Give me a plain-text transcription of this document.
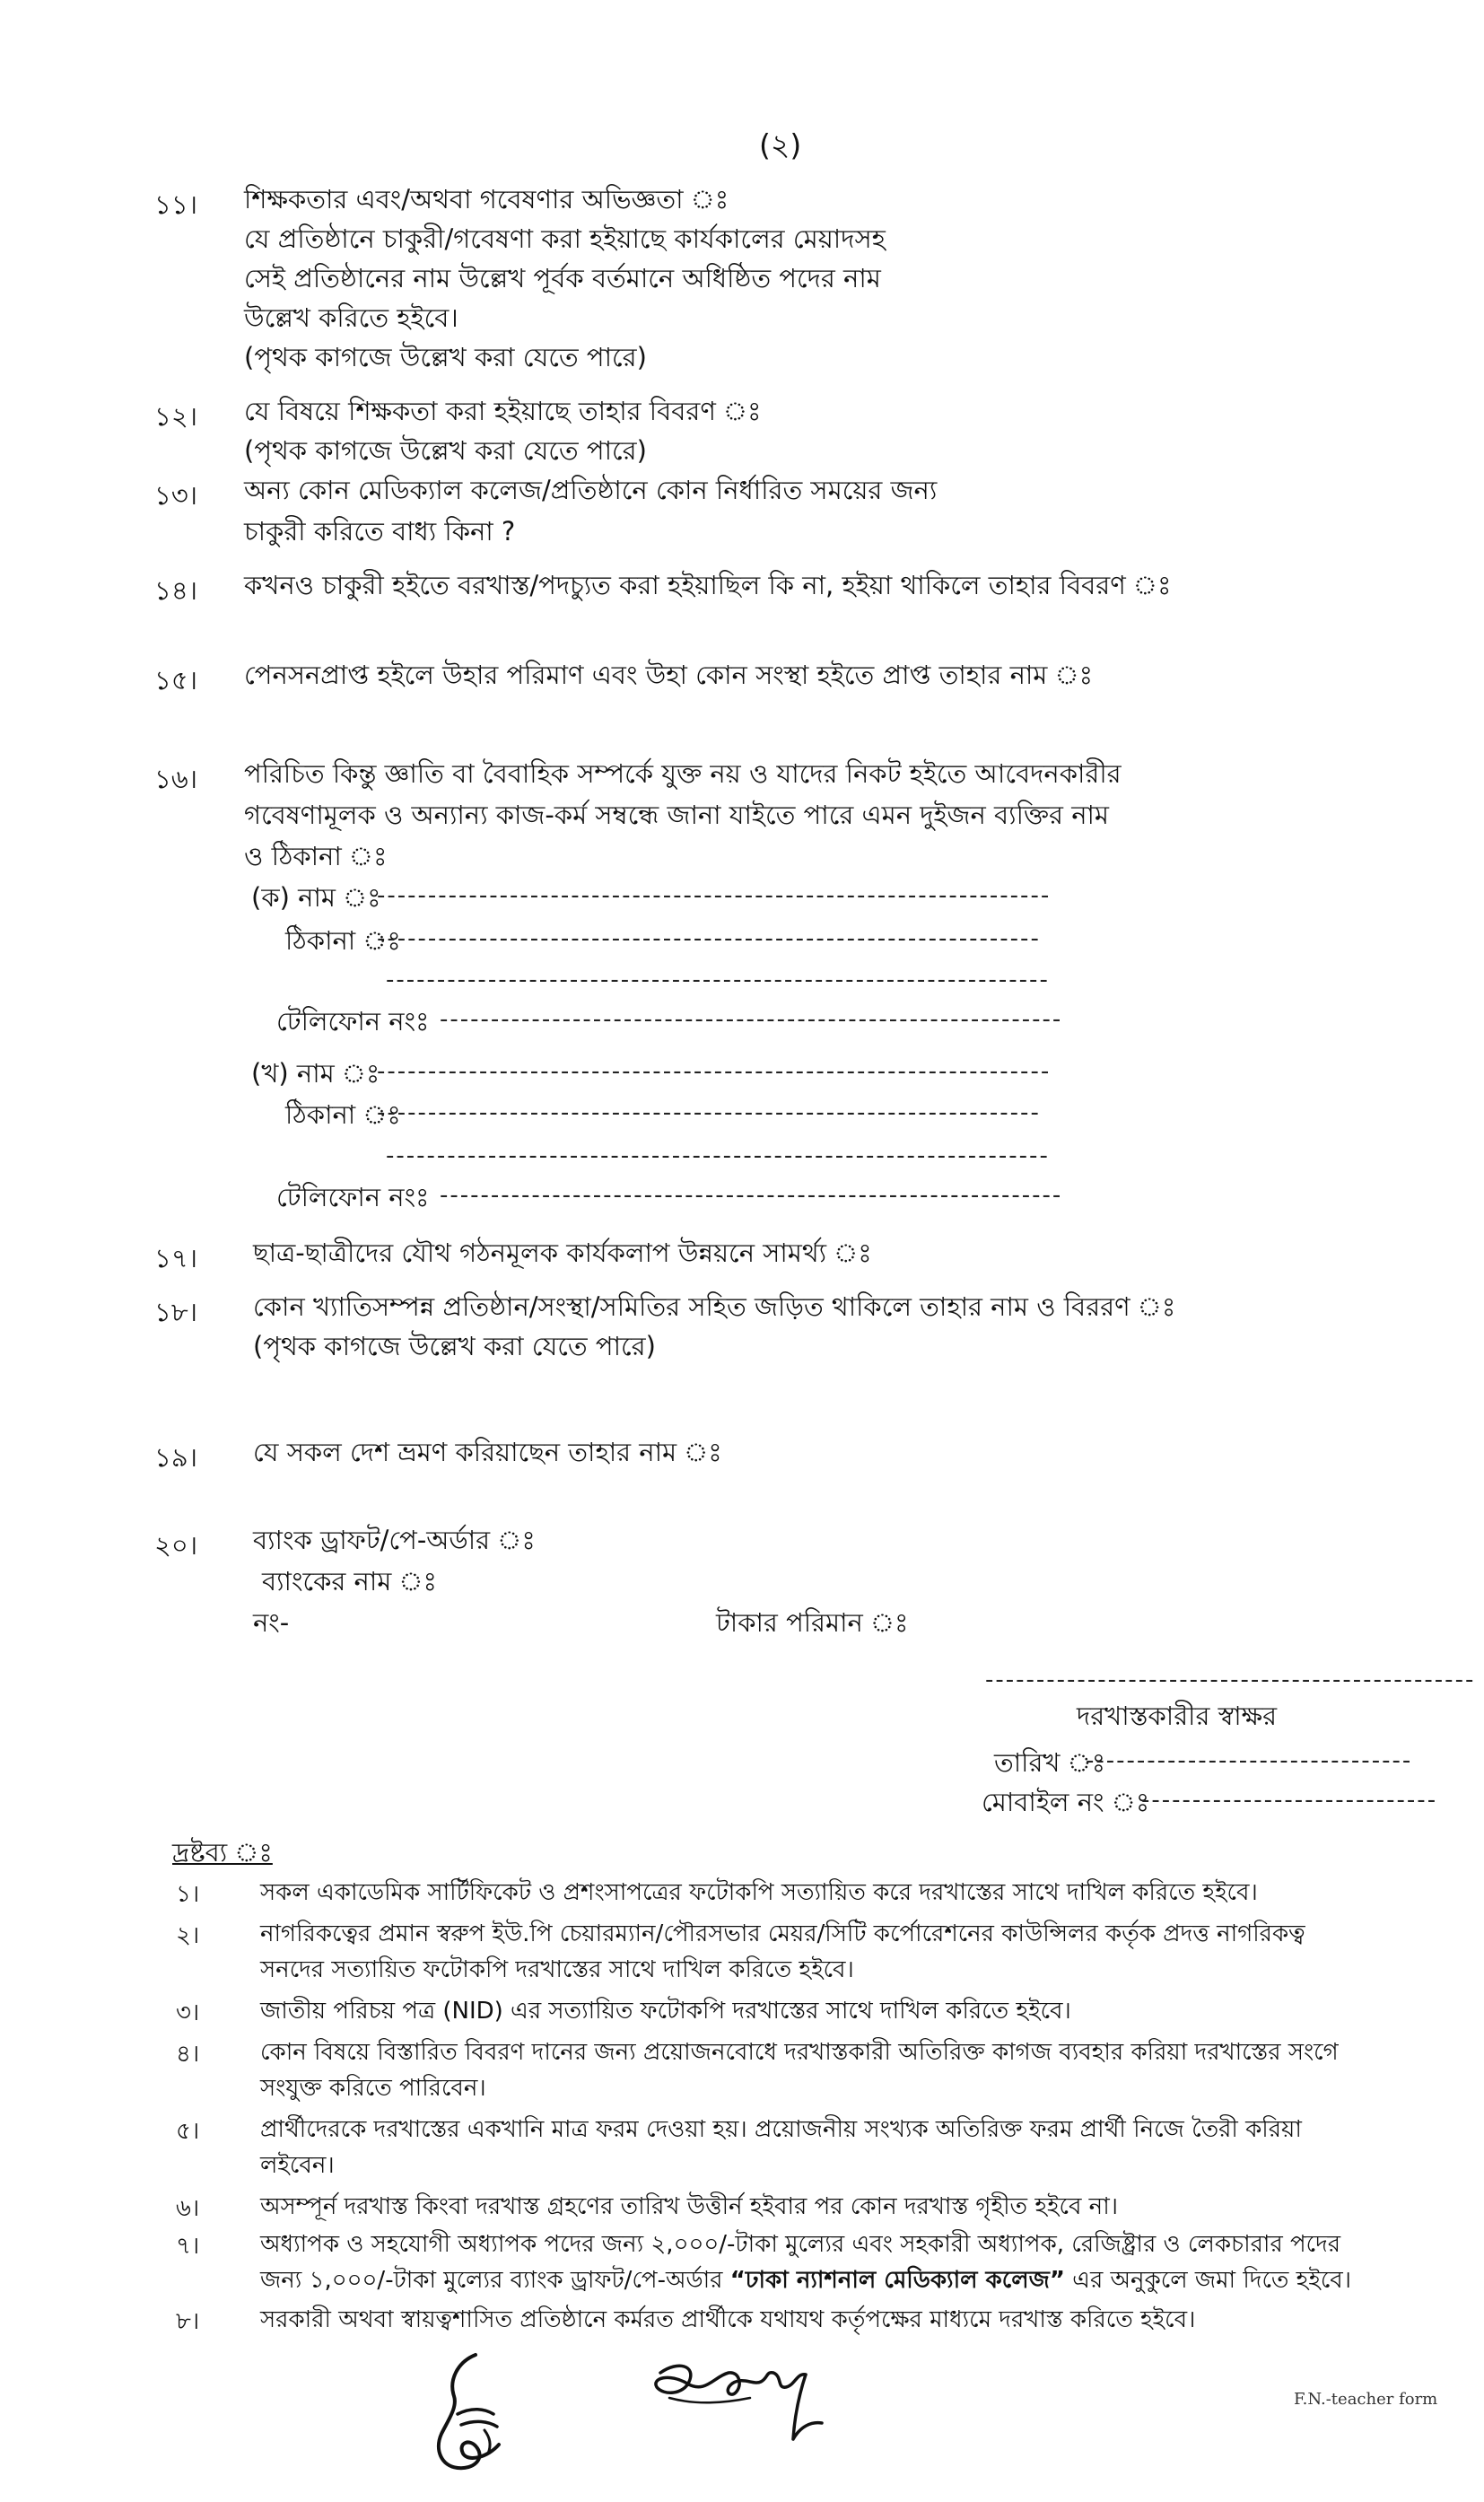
(২)
১১।	শিক্ষকতার এবং/অথবা গবেষণার অভিজ্ঞতা ঃ
যে প্রতিষ্ঠানে চাকুরী/গবেষণা করা হইয়াছে কার্যকালের মেয়াদসহ
সেই প্রতিষ্ঠানের নাম উল্লেখ পূর্বক বর্তমানে অধিষ্ঠিত পদের নাম
উল্লেখ করিতে হইবে।
(পৃথক কাগজে উল্লেখ করা যেতে পারে)
১২।	যে বিষয়ে শিক্ষকতা করা হইয়াছে তাহার বিবরণ ঃ
(পৃথক কাগজে উল্লেখ করা যেতে পারে)
১৩।	অন্য কোন মেডিক্যাল কলেজ/প্রতিষ্ঠানে কোন নির্ধারিত সময়ের জন্য
চাকুরী করিতে বাধ্য কিনা ?
১৪।	কখনও চাকুরী হইতে বরখাস্ত/পদচ্যুত করা হইয়াছিল কি না, হইয়া থাকিলে তাহার বিবরণ ঃ
১৫।	পেনসনপ্রাপ্ত হইলে উহার পরিমাণ এবং উহা কোন সংস্থা হইতে প্রাপ্ত তাহার নাম ঃ
১৬।	পরিচিত কিন্তু জ্ঞাতি বা বৈবাহিক সম্পর্কে যুক্ত নয় ও যাদের নিকট হইতে আবেদনকারীর
গবেষণামূলক ও অন্যান্য কাজ-কর্ম সম্বন্ধে জানা যাইতে পারে এমন দুইজন ব্যক্তির নাম
ও ঠিকানা ঃ
(ক) নাম ঃ
------------------------------------------------------------------
ঠিকানা ঃ
-----------------------------------------------------------------
-----------------------------------------------------------------
টেলিফোন নংঃ -------------------------------------------------------------
(খ) নাম ঃ
------------------------------------------------------------------
ঠিকানা ঃ
-----------------------------------------------------------------
-----------------------------------------------------------------
টেলিফোন নংঃ -------------------------------------------------------------
১৭।	ছাত্র-ছাত্রীদের যৌথ গঠনমূলক কার্যকলাপ উন্নয়নে সামর্থ্য ঃ
১৮।	কোন খ্যাতিসম্পন্ন প্রতিষ্ঠান/সংস্থা/সমিতির সহিত জড়িত থাকিলে তাহার নাম ও বিররণ ঃ
(পৃথক কাগজে উল্লেখ করা যেতে পারে)
১৯।	যে সকল দেশ ভ্রমণ করিয়াছেন তাহার নাম ঃ
২০।	ব্যাংক ড্রাফট/পে-অর্ডার ঃ
ব্যাংকের নাম ঃ
নং-	টাকার পরিমান ঃ
------------------------------------------------
দরখাস্তকারীর স্বাক্ষর
তারিখ ঃ
--------------------------------
মোবাইল নং ঃ
-----------------------------
দ্রষ্টব্য ঃ
১।	সকল একাডেমিক সার্টিফিকেট ও প্রশংসাপত্রের ফটোকপি সত্যায়িত করে দরখাস্তের সাথে দাখিল করিতে হইবে।
২।	নাগরিকত্বের প্রমান স্বরুপ ইউ.পি চেয়ারম্যান/পৌরসভার মেয়র/সিটি কর্পোরেশনের কাউন্সিলর কর্তৃক প্রদত্ত নাগরিকত্ব
সনদের সত্যায়িত ফটোকপি দরখাস্তের সাথে দাখিল করিতে হইবে।
৩।	জাতীয় পরিচয় পত্র (NID) এর সত্যায়িত ফটোকপি দরখাস্তের সাথে দাখিল করিতে হইবে।
৪।	কোন বিষয়ে বিস্তারিত বিবরণ দানের জন্য প্রয়োজনবোধে দরখাস্তকারী অতিরিক্ত কাগজ ব্যবহার করিয়া দরখাস্তের সংগে
সংযুক্ত করিতে পারিবেন।
৫।	প্রার্থীদেরকে দরখাস্তের একখানি মাত্র ফরম দেওয়া হয়। প্রয়োজনীয় সংখ্যক অতিরিক্ত ফরম প্রার্থী নিজে তৈরী করিয়া
লইবেন।
৬।	অসম্পূর্ন দরখাস্ত কিংবা দরখাস্ত গ্রহণের তারিখ উত্তীর্ন হইবার পর কোন দরখাস্ত গৃহীত হইবে না।
৭।	অধ্যাপক ও সহযোগী অধ্যাপক পদের জন্য ২,০০০/-টাকা মুল্যের এবং সহকারী অধ্যাপক, রেজিষ্ট্রার ও লেকচারার পদের
জন্য ১,০০০/-টাকা মুল্যের ব্যাংক ড্রাফট/পে-অর্ডার “ঢাকা ন্যাশনাল মেডিক্যাল কলেজ” এর অনুকুলে জমা দিতে হইবে।
৮।	সরকারী অথবা স্বায়ত্বশাসিত প্রতিষ্ঠানে কর্মরত প্রার্থীকে যথাযথ কর্তৃপক্ষের মাধ্যমে দরখাস্ত করিতে হইবে।
F.N.-teacher form
